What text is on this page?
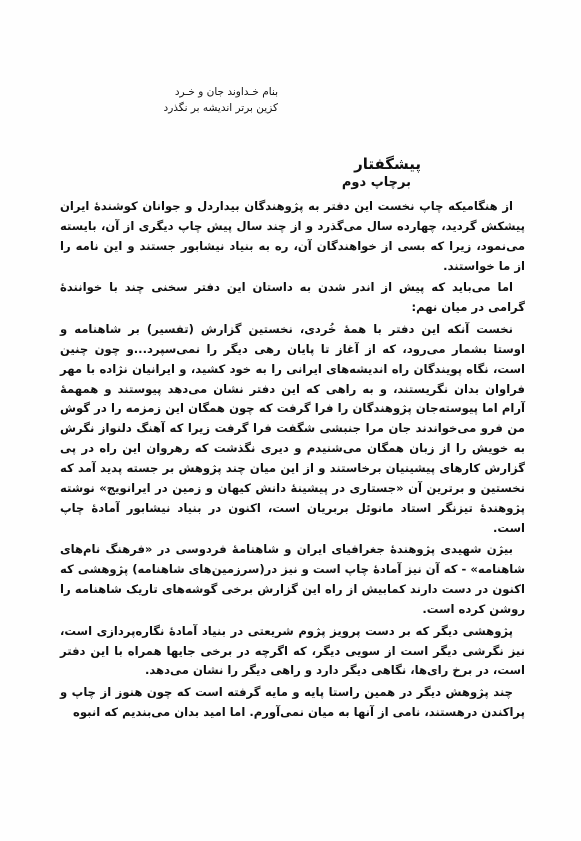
بنام خـداوند جان و خـرد
کزین برتر اندیشه بر نگذرد
پیشگفتار
برچاپ دوم

از هنگامیکه چاپ نخست این دفتر به پژوهندگان بیداردل و جوانان کوشندهٔ ایران پیشکش گردید، چهارده سال می‌گذرد و از چند سال پیش چاپ دیگری از آن، بایسته می‌نمود، زیرا که بسی از خواهندگان آن، ره به بنیاد نیشابور جستند و این نامه را از ما خواستند.

اما می‌باید که پیش از اندر شدن به داستان این دفتر سخنی چند با خوانندهٔ گرامی در میان نهم:

نخست آنکه این دفتر با همهٔ خُردی، نخستین گزارش (تفسیر) بر شاهنامه و اوستا بشمار می‌رود، که از آغاز تا پایان رهی دیگر را نمی‌سپرد...و چون چنین است، نگاه پویندگان راه اندیشه‌های ایرانی را به خود کشید، و ایرانیان نژاده با مهر فراوان بدان نگریستند، و به راهی که این دفتر نشان می‌دهد پیوستند و همهمهٔ آرام اما پیوسته‌جان پژوهندگان را فرا گرفت که چون همگان این زمزمه را در گوش من فرو می‌خواندند جان مرا جنبشی شگفت فرا گرفت زیرا که آهنگ دلنواز نگرش به خویش را از زبان همگان می‌شنیدم و دیری نگذشت که رهروان این راه در پی گزارش کارهای پیشینیان برخاستند و از این میان چند پژوهش بر جسته پدید آمد که نخستین و برترین آن «جستاری در پیشینهٔ دانش کیهان و زمین در ایرانویج» نوشته پژوهندهٔ تیزنگر استاد مانوئل بربریان است، اکنون در بنیاد نیشابور آمادهٔ چاپ است.

بیژن شهیدی پژوهندهٔ جغرافیای ایران و شاهنامهٔ فردوسی در «فرهنگ نام‌های شاهنامه» - که آن نیز آمادهٔ چاپ است و نیز در(سرزمین‌های شاهنامه) پژوهشی که اکنون در دست دارند کمابیش از راه این گزارش برخی گوشه‌های تاریک شاهنامه را روشن کرده است.

پژوهشی دیگر که بر دست پرویز پژوم شریعتی در بنیاد آمادهٔ نگاره‌پردازی است، نیز نگرشی دیگر است از سویی دیگر، که اگرچه در برخی جایها همراه با این دفتر است، در برخ رای‌ها، نگاهی دیگر دارد و راهی دیگر را نشان می‌دهد.

چند پژوهش دیگر در همین راستا پایه و مایه گرفته است که چون هنوز از چاپ و پراکندن درهستند، نامی از آنها به میان نمی‌آورم. اما امید بدان می‌بندیم که انبوه
